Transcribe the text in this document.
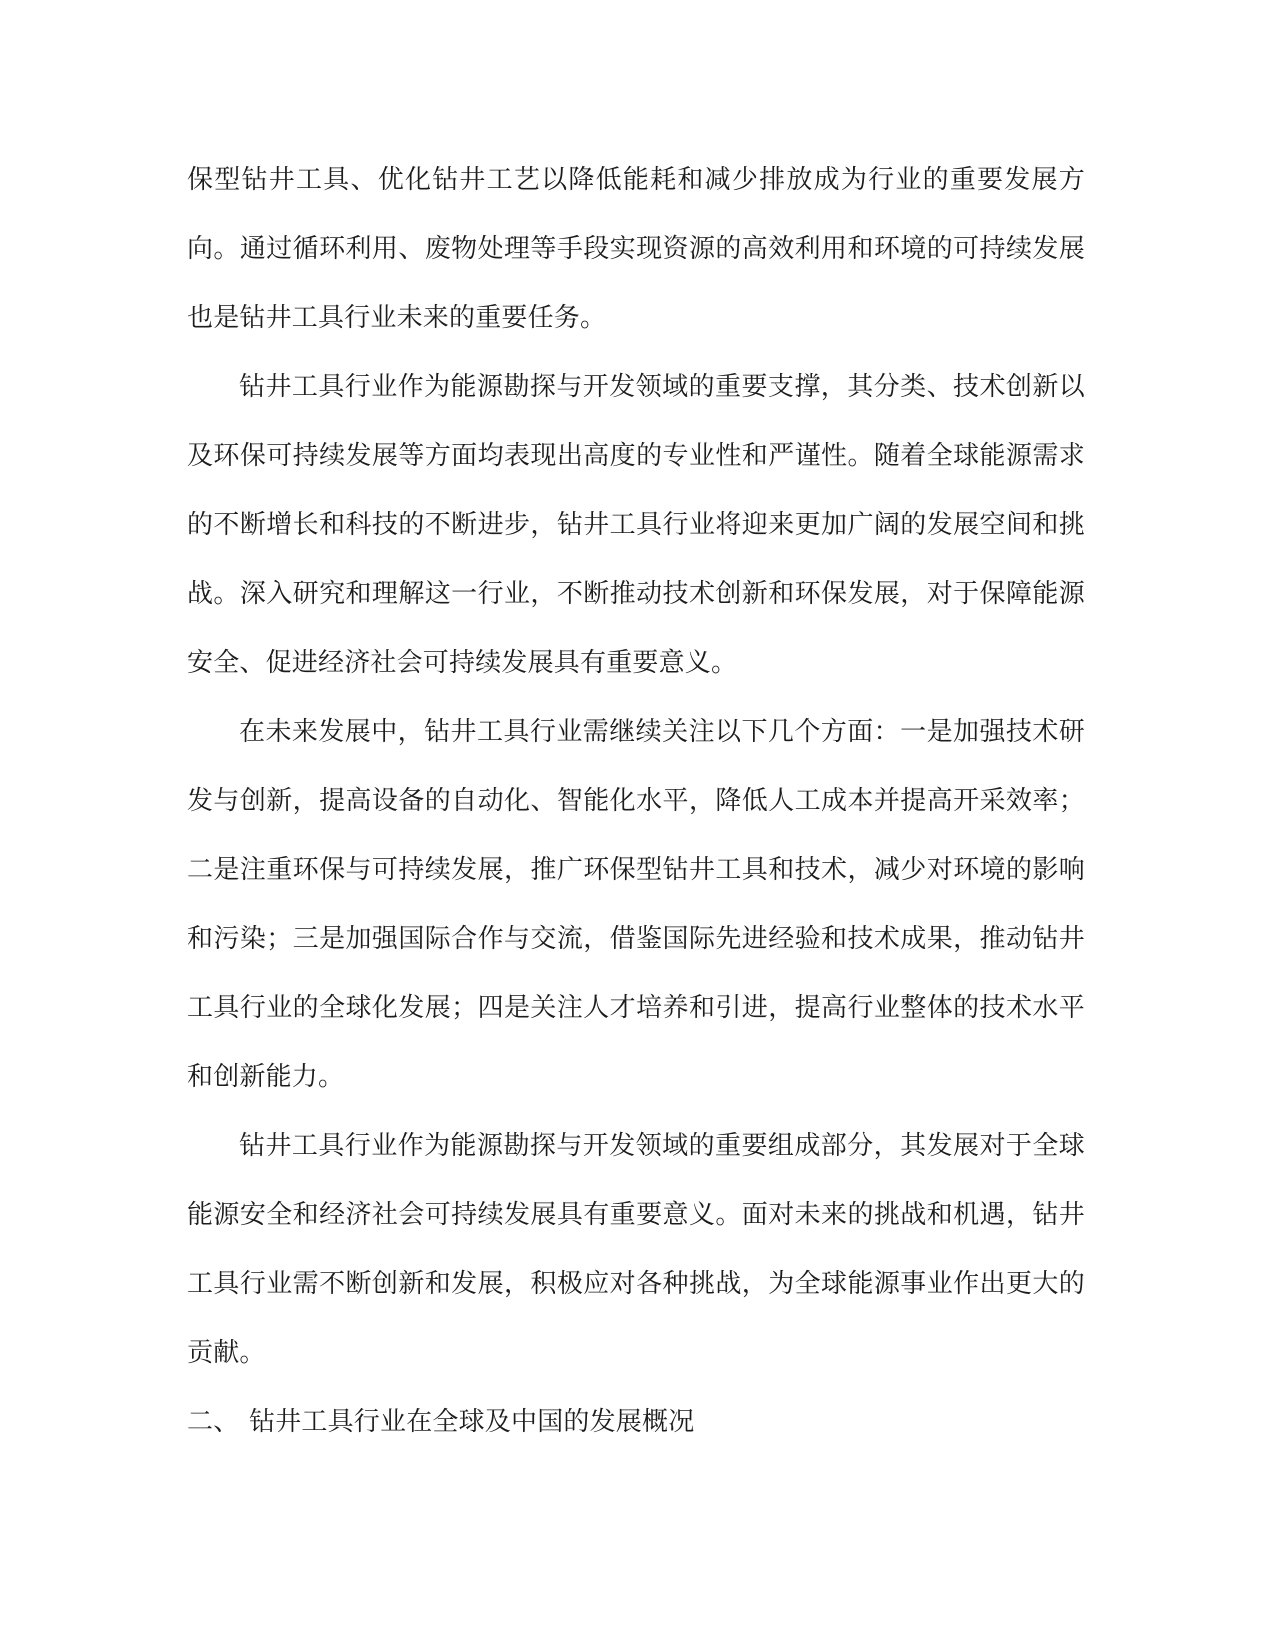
保型钻井工具、优化钻井工艺以降低能耗和减少排放成为行业的重要发展方向。通过循环利用、废物处理等手段实现资源的高效利用和环境的可持续发展也是钻井工具行业未来的重要任务。

钻井工具行业作为能源勘探与开发领域的重要支撑，其分类、技术创新以及环保可持续发展等方面均表现出高度的专业性和严谨性。随着全球能源需求的不断增长和科技的不断进步，钻井工具行业将迎来更加广阔的发展空间和挑战。深入研究和理解这一行业，不断推动技术创新和环保发展，对于保障能源安全、促进经济社会可持续发展具有重要意义。

在未来发展中，钻井工具行业需继续关注以下几个方面：一是加强技术研发与创新，提高设备的自动化、智能化水平，降低人工成本并提高开采效率；二是注重环保与可持续发展，推广环保型钻井工具和技术，减少对环境的影响和污染；三是加强国际合作与交流，借鉴国际先进经验和技术成果，推动钻井工具行业的全球化发展；四是关注人才培养和引进，提高行业整体的技术水平和创新能力。

钻井工具行业作为能源勘探与开发领域的重要组成部分，其发展对于全球能源安全和经济社会可持续发展具有重要意义。面对未来的挑战和机遇，钻井工具行业需不断创新和发展，积极应对各种挑战，为全球能源事业作出更大的贡献。

二、 钻井工具行业在全球及中国的发展概况
